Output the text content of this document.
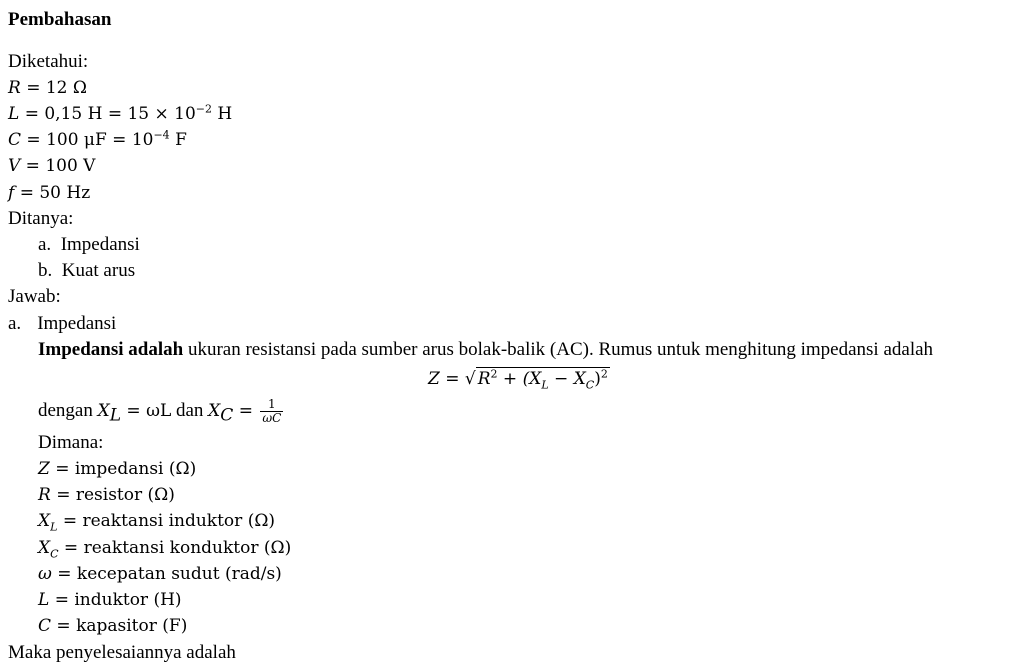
Pembahasan
Diketahui:
R = 12 Ω
L = 0,15 $H = 15 \times 10^{-2}$ H
C = 100 $\mu F = 10^{-4}$ F
V = 100 V
f = 50 Hz
Ditanya:
a. Impedansi
b. Kuat arus
Jawab:
a. Impedansi
Impedansi adalah ukuran resistansi pada sumber arus bolak-balik (AC). Rumus untuk menghitung impedansi adalah
Z = √ $R^2 + (X_L - X_C)^2$
dengan $X_L = \omega L$ dan $X_C = \frac{1}{\omega C}$
Dimana:
Z = impedansi (Ω)
R = resistor (Ω)
$X_L$ = reaktansi induktor (Ω)
$X_C$ = reaktansi konduktor (Ω)
ω = kecepatan sudut (rad/s)
L = induktor (H)
C = kapasitor (F)
Maka penyelesaiannya adalah
